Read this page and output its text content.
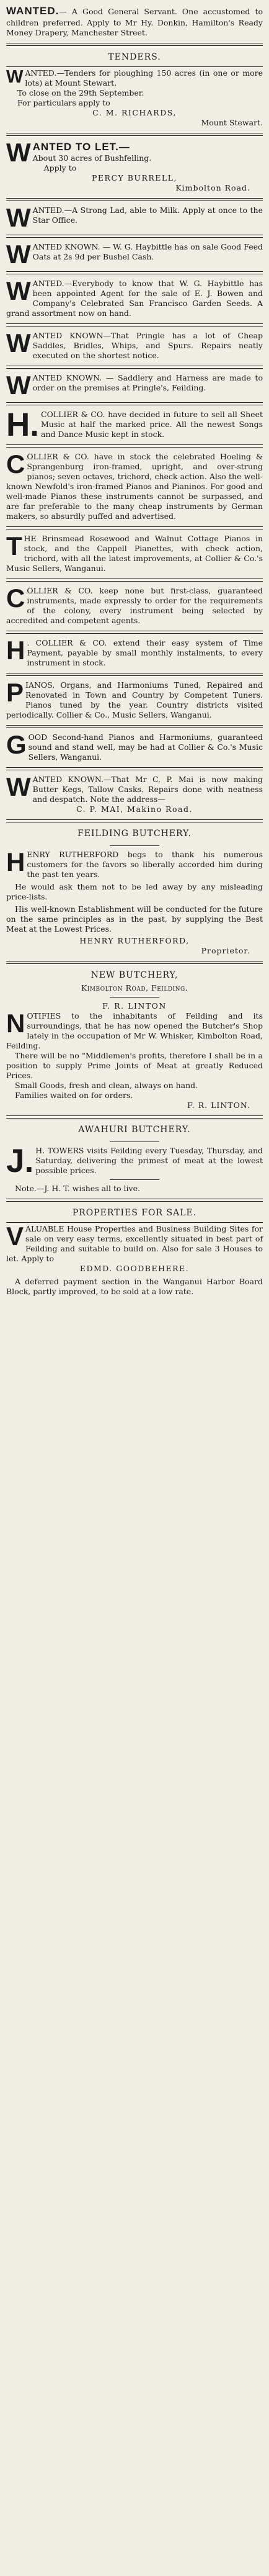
WANTED.— A Good General Servant. One accustomed to children preferred. Apply to Mr Hy. Donkin, Hamilton's Ready Money Drapery, Manchester Street.

TENDERS.

WANTED.—Tenders for ploughing 150 acres (in one or more lots) at Mount Stewart.

To close on the 29th September.

For particulars apply to

C. M. RICHARDS,

Mount Stewart.

WANTED TO LET.—

About 30 acres of Bushfelling.

Apply to

PERCY BURRELL,

Kimbolton Road.

WANTED.—A Strong Lad, able to Milk. Apply at once to the Star Office.

WANTED KNOWN. — W. G. Haybittle has on sale Good Feed Oats at 2s 9d per Bushel Cash.

WANTED.—Everybody to know that W. G. Haybittle has been appointed Agent for the sale of E. J. Bowen and Company's Celebrated San Francisco Garden Seeds. A grand assortment now on hand.

WANTED KNOWN—That Pringle has a lot of Cheap Saddles, Bridles, Whips, and Spurs. Repairs neatly executed on the shortest notice.

WANTED KNOWN. — Saddlery and Harness are made to order on the premises at Pringle's, Feilding.

H. COLLIER & CO. have decided in future to sell all Sheet Music at half the marked price. All the newest Songs and Dance Music kept in stock.

COLLIER & CO. have in stock the celebrated Hoeling & Sprangenburg iron-framed, upright, and over-strung pianos; seven octaves, trichord, check action. Also the well-known Newfold's iron-framed Pianos and Pianinos. For good and well-made Pianos these instruments cannot be surpassed, and are far preferable to the many cheap instruments by German makers, so absurdly puffed and advertised.

THE Brinsmead Rosewood and Walnut Cottage Pianos in stock, and the Cappell Pianettes, with check action, trichord, with all the latest improvements, at Collier & Co.'s Music Sellers, Wanganui.

COLLIER & CO. keep none but first-class, guaranteed instruments, made expressly to order for the requirements of the colony, every instrument being selected by accredited and competent agents.

H . COLLIER & CO. extend their easy system of Time Payment, payable by small monthly instalments, to every instrument in stock.

PIANOS, Organs, and Harmoniums Tuned, Repaired and Renovated in Town and Country by Competent Tuners. Pianos tuned by the year. Country districts visited periodically. Collier & Co., Music Sellers, Wanganui.

GOOD Second-hand Pianos and Harmoniums, guaranteed sound and stand well, may be had at Collier & Co.'s Music Sellers, Wanganui.

WANTED KNOWN.—That Mr C. P. Mai is now making Butter Kegs, Tallow Casks. Repairs done with neatness and despatch. Note the address—

C. P. MAI, Makino Road.

FEILDING BUTCHERY.

HENRY RUTHERFORD begs to thank his numerous customers for the favors so liberally accorded him during the past ten years.

He would ask them not to be led away by any misleading price-lists.

His well-known Establishment will be conducted for the future on the same principles as in the past, by supplying the Best Meat at the Lowest Prices.

HENRY RUTHERFORD,

Proprietor.

NEW BUTCHERY,
Kimbolton Road, Feilding.
F. R. LINTON

NOTIFIES to the inhabitants of Feilding and its surroundings, that he has now opened the Butcher's Shop lately in the occupation of Mr W. Whisker, Kimbolton Road, Feilding.

There will be no "Middlemen's profits, therefore I shall be in a position to supply Prime Joints of Meat at greatly Reduced Prices.

Small Goods, fresh and clean, always on hand.

Families waited on for orders.

F. R. LINTON.

AWAHURI BUTCHERY.

J. H. TOWERS visits Feilding every Tuesday, Thursday, and Saturday, delivering the primest of meat at the lowest possible prices.

Note.—J. H. T. wishes all to live.

PROPERTIES FOR SALE.

VALUABLE House Properties and Business Building Sites for sale on very easy terms, excellently situated in best part of Feilding and suitable to build on. Also for sale 3 Houses to let. Apply to

EDMD. GOODBEHERE.

A deferred payment section in the Wanganui Harbor Board Block, partly improved, to be sold at a low rate.
